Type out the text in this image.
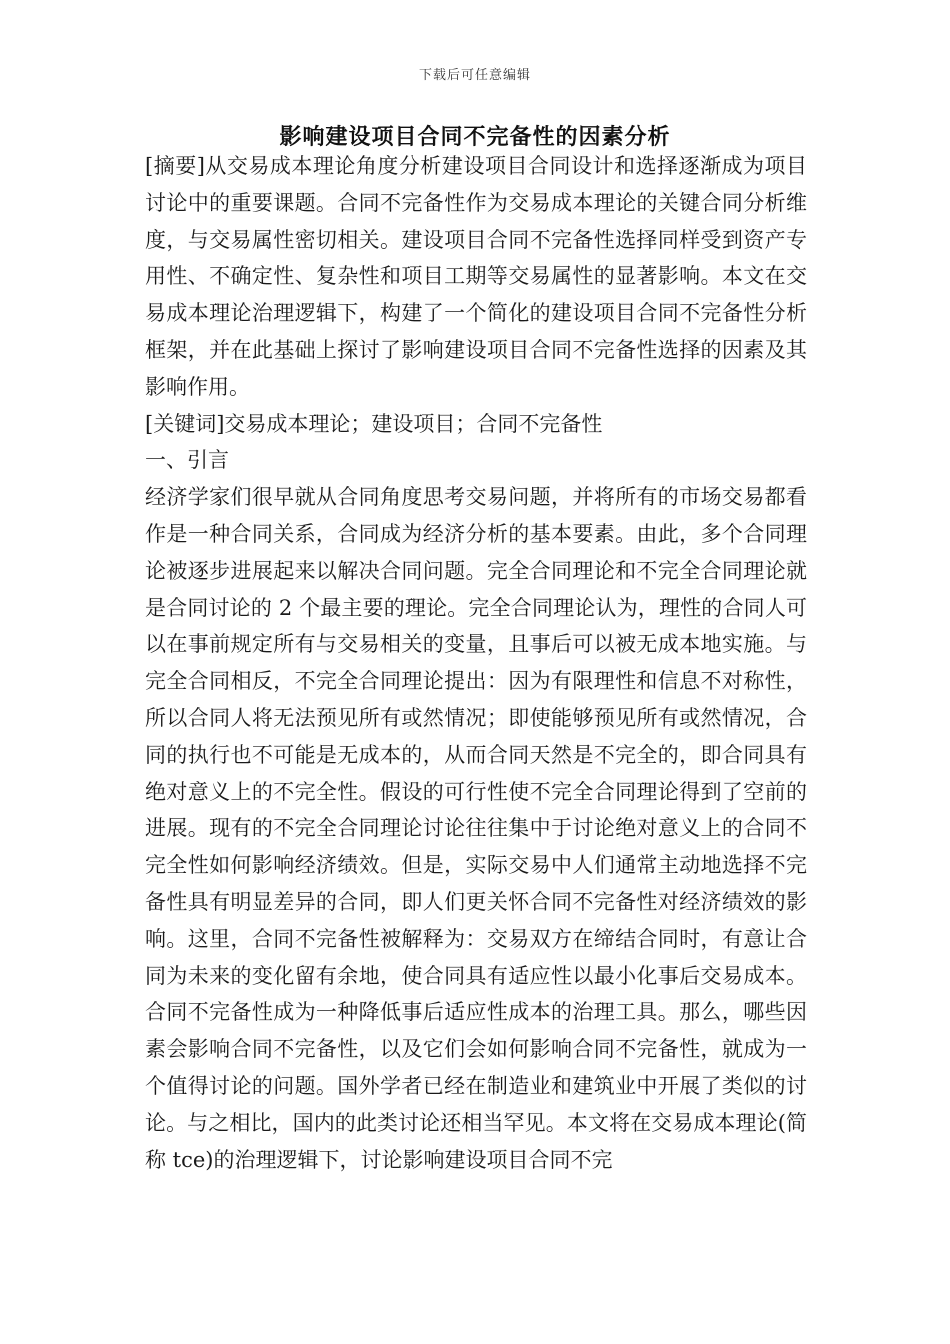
下载后可任意编辑
影响建设项目合同不完备性的因素分析

[摘要]从交易成本理论角度分析建设项目合同设计和选择逐渐成为项目讨论中的重要课题。合同不完备性作为交易成本理论的关键合同分析维度，与交易属性密切相关。建设项目合同不完备性选择同样受到资产专用性、不确定性、复杂性和项目工期等交易属性的显著影响。本文在交易成本理论治理逻辑下，构建了一个简化的建设项目合同不完备性分析框架，并在此基础上探讨了影响建设项目合同不完备性选择的因素及其影响作用。

[关键词]交易成本理论；建设项目；合同不完备性

一、引言

经济学家们很早就从合同角度思考交易问题，并将所有的市场交易都看作是一种合同关系，合同成为经济分析的基本要素。由此，多个合同理论被逐步进展起来以解决合同问题。完全合同理论和不完全合同理论就是合同讨论的 2 个最主要的理论。完全合同理论认为，理性的合同人可以在事前规定所有与交易相关的变量，且事后可以被无成本地实施。与完全合同相反，不完全合同理论提出：因为有限理性和信息不对称性，所以合同人将无法预见所有或然情况；即使能够预见所有或然情况，合同的执行也不可能是无成本的，从而合同天然是不完全的，即合同具有绝对意义上的不完全性。假设的可行性使不完全合同理论得到了空前的进展。现有的不完全合同理论讨论往往集中于讨论绝对意义上的合同不完全性如何影响经济绩效。但是，实际交易中人们通常主动地选择不完备性具有明显差异的合同，即人们更关怀合同不完备性对经济绩效的影响。这里，合同不完备性被解释为：交易双方在缔结合同时，有意让合同为未来的变化留有余地，使合同具有适应性以最小化事后交易成本。合同不完备性成为一种降低事后适应性成本的治理工具。那么，哪些因素会影响合同不完备性，以及它们会如何影响合同不完备性，就成为一个值得讨论的问题。国外学者已经在制造业和建筑业中开展了类似的讨论。与之相比，国内的此类讨论还相当罕见。本文将在交易成本理论(简称 tce)的治理逻辑下，讨论影响建设项目合同不完
